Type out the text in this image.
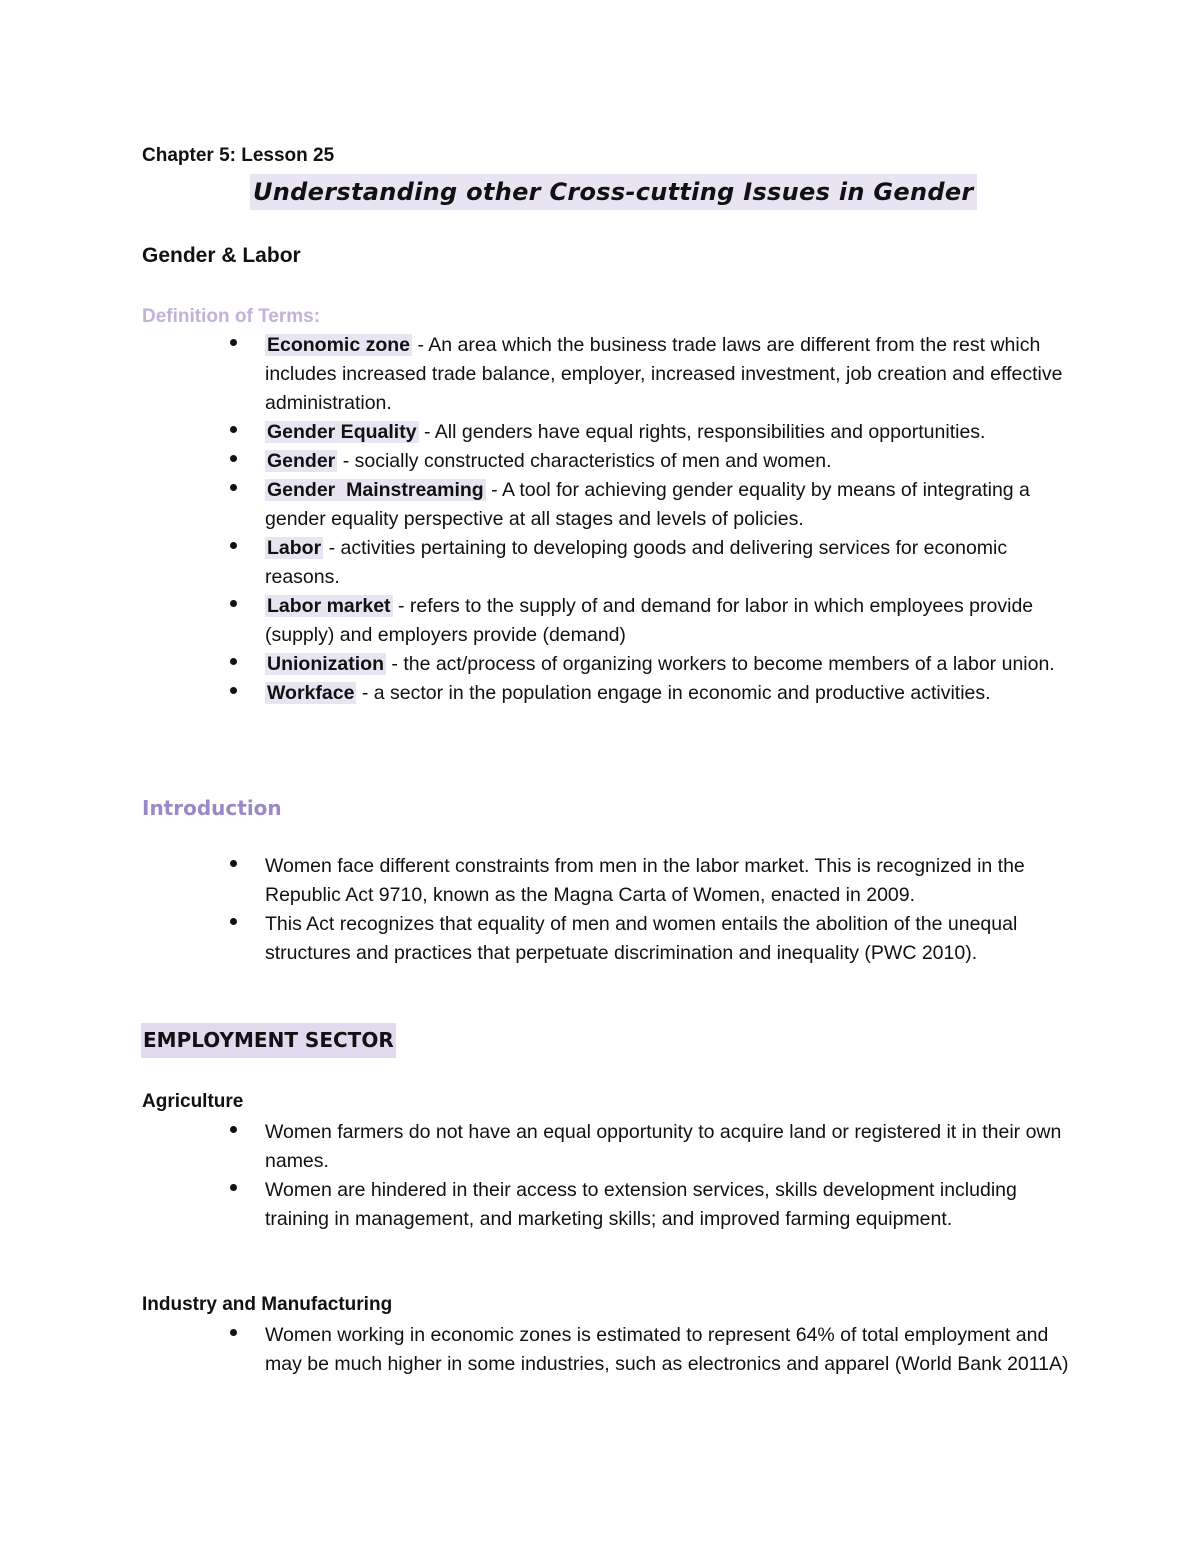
Chapter 5: Lesson 25
Understanding other Cross-cutting Issues in Gender
Gender & Labor
Definition of Terms:
Economic zone - An area which the business trade laws are different from the rest which includes increased trade balance, employer, increased investment, job creation and effective administration.
Gender Equality - All genders have equal rights, responsibilities and opportunities.
Gender - socially constructed characteristics of men and women.
Gender  Mainstreaming - A tool for achieving gender equality by means of integrating a gender equality perspective at all stages and levels of policies.
Labor - activities pertaining to developing goods and delivering services for economic reasons.
Labor market - refers to the supply of and demand for labor in which employees provide (supply) and employers provide (demand)
Unionization - the act/process of organizing workers to become members of a labor union.
Workface - a sector in the population engage in economic and productive activities.
Introduction
Women face different constraints from men in the labor market. This is recognized in the Republic Act 9710, known as the Magna Carta of Women, enacted in 2009.
This Act recognizes that equality of men and women entails the abolition of the unequal structures and practices that perpetuate discrimination and inequality (PWC 2010).
EMPLOYMENT SECTOR
Agriculture
Women farmers do not have an equal opportunity to acquire land or registered it in their own names.
Women are hindered in their access to extension services, skills development including training in management, and marketing skills; and improved farming equipment.
Industry and Manufacturing
Women working in economic zones is estimated to represent 64% of total employment and may be much higher in some industries, such as electronics and apparel (World Bank 2011A)
